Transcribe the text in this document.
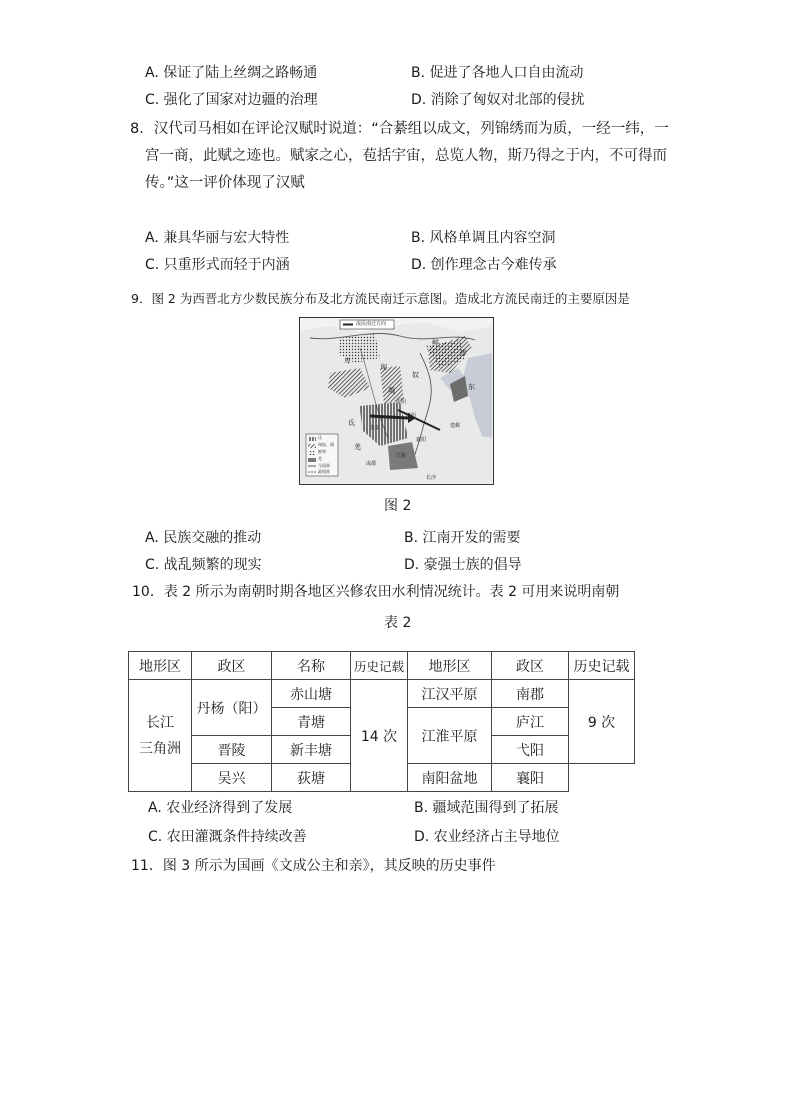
A. 保证了陆上丝绸之路畅通	B. 促进了各地人口自由流动
C. 强化了国家对边疆的治理	D. 消除了匈奴对北部的侵扰
8．汉代司马相如在评论汉赋时说道：“合綦组以成文，列锦绣而为质，一经一纬，一
宫一商，此赋之迹也。赋家之心，苞括宇宙，总览人物，斯乃得之于内，不可得而
传。”这一评价体现了汉赋
A. 兼具华丽与宏大特性	B. 风格单调且内容空洞
C. 只重形式而轻于内涵	D. 创作理念古今难传承
9．图 2 为西晋北方少数民族分布及北方流民南迁示意图。造成北方流民南迁的主要原因是
流民南迁方向
氐
匈奴、羯
鲜卑
羌
今国界
政权界
鲜
卑
匈
奴
东
卑
羯
平阳
洛阳
长安
氐
羌
成都
建邺
襄阳
江陵
长沙
图 2
A. 民族交融的推动	B. 江南开发的需要
C. 战乱频繁的现实	D. 豪强士族的倡导
10．表 2 所示为南朝时期各地区兴修农田水利情况统计。表 2 可用来说明南朝
表 2
地形区	政区	名称	历史记载	地形区	政区	历史记载

长江
三角洲	丹杨（阳）	赤山塘	14 次	江汉平原	南郡	9 次
		青塘		江淮平原	庐江	
	晋陵	新丰塘			弋阳	
	吴兴	荻塘		南阳盆地	襄阳	
A. 农业经济得到了发展	B. 疆域范围得到了拓展
C. 农田灌溉条件持续改善	D. 农业经济占主导地位
11．图 3 所示为国画《文成公主和亲》，其反映的历史事件
